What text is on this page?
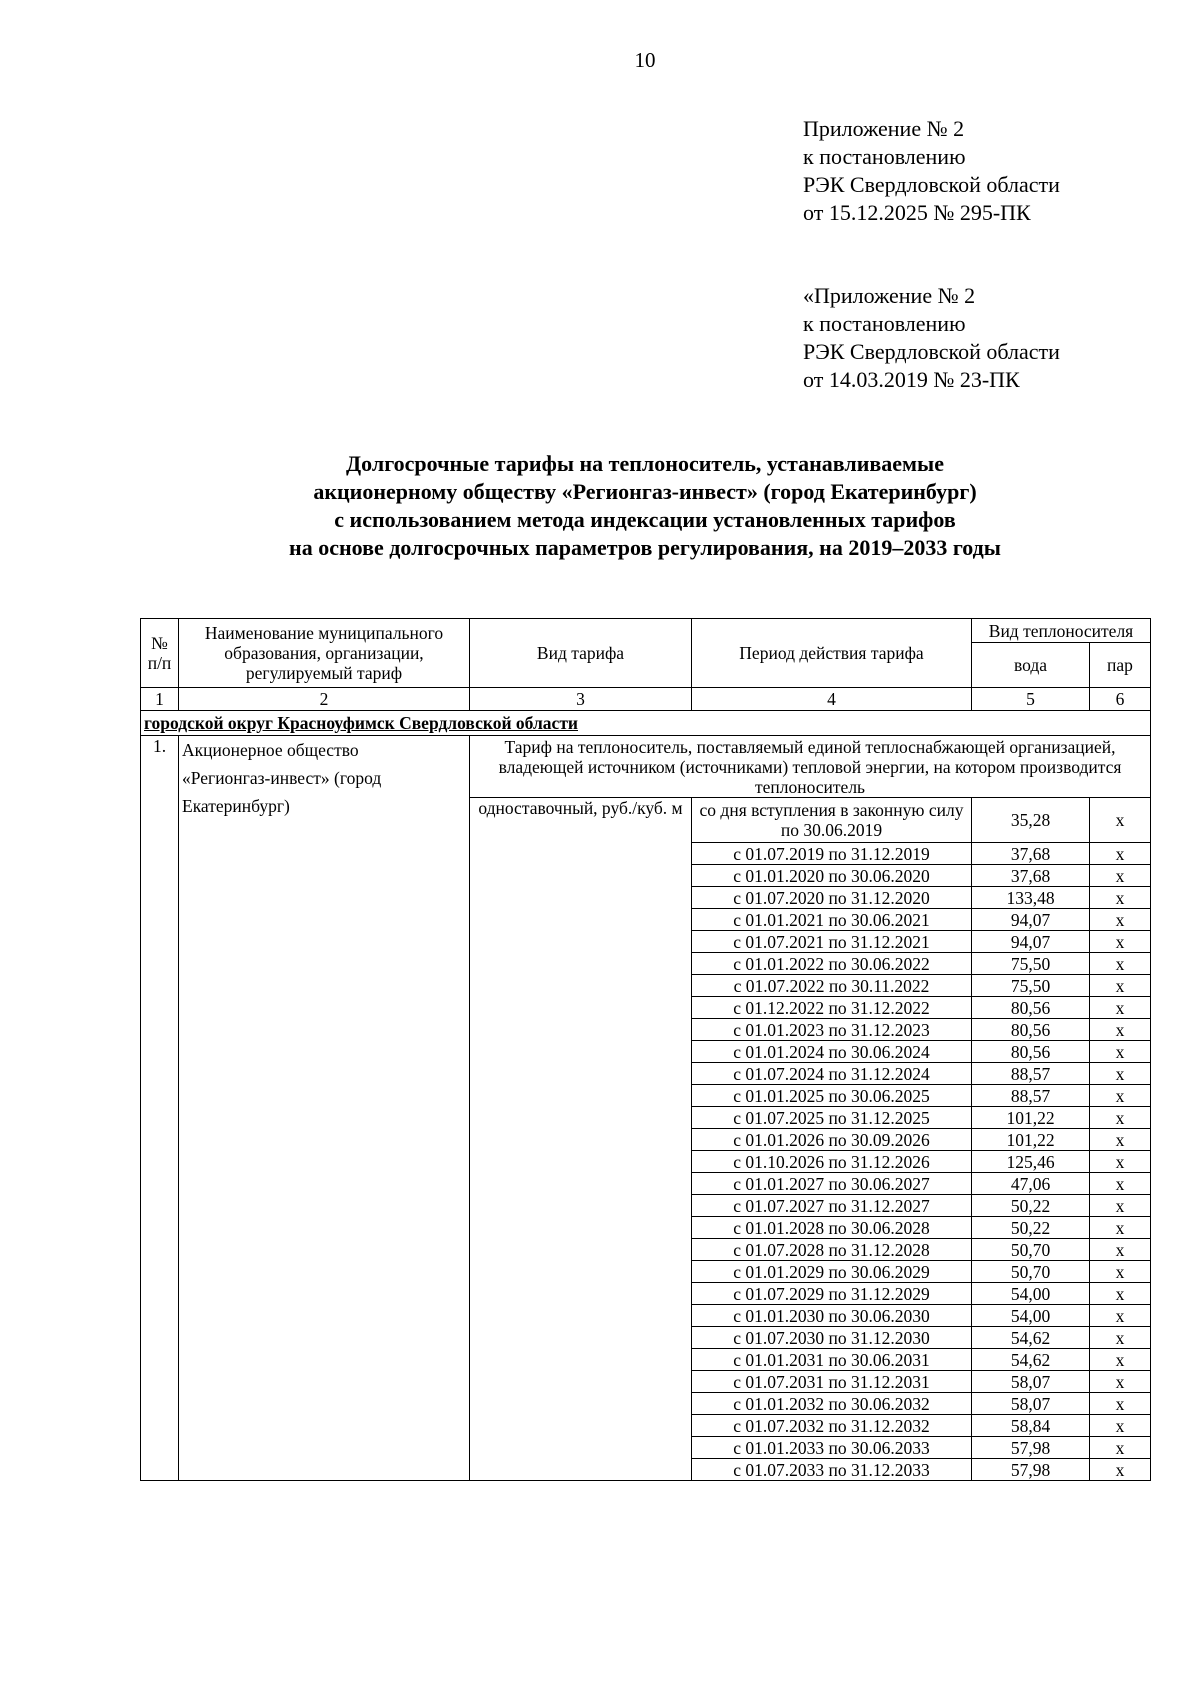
10
Приложение № 2
к постановлению
РЭК Свердловской области
от 15.12.2025 № 295-ПК
«Приложение № 2
к постановлению
РЭК Свердловской области
от 14.03.2019 № 23-ПК
Долгосрочные тарифы на теплоноситель, устанавливаемые
акционерному обществу «Регионгаз-инвест» (город Екатеринбург)
с использованием метода индексации установленных тарифов
на основе долгосрочных параметров регулирования, на 2019–2033 годы
№ п/п	Наименование муниципального образования, организации, регулируемый тариф	Вид тарифа	Период действия тарифа	Вид теплоносителя	
				вода	пар
1	2	3	4	5	6
городской округ Красноуфимск Свердловской области					
1.	Акционерное общество
«Регионгаз-инвест» (город
Екатеринбург)	Тариф на теплоноситель, поставляемый единой теплоснабжающей организацией, владеющей источником (источниками) тепловой энергии, на котором производится теплоноситель			
		одноставочный, руб./куб. м	со дня вступления в законную силу по 30.06.2019	35,28	x
			с 01.07.2019 по 31.12.2019	37,68	x
			с 01.01.2020 по 30.06.2020	37,68	x
			с 01.07.2020 по 31.12.2020	133,48	x
			с 01.01.2021 по 30.06.2021	94,07	x
			с 01.07.2021 по 31.12.2021	94,07	x
			с 01.01.2022 по 30.06.2022	75,50	x
			с 01.07.2022 по 30.11.2022	75,50	x
			с 01.12.2022 по 31.12.2022	80,56	x
			с 01.01.2023 по 31.12.2023	80,56	x
			с 01.01.2024 по 30.06.2024	80,56	x
			с 01.07.2024 по 31.12.2024	88,57	x
			с 01.01.2025 по 30.06.2025	88,57	x
			с 01.07.2025 по 31.12.2025	101,22	x
			с 01.01.2026 по 30.09.2026	101,22	x
			с 01.10.2026 по 31.12.2026	125,46	x
			с 01.01.2027 по 30.06.2027	47,06	x
			с 01.07.2027 по 31.12.2027	50,22	x
			с 01.01.2028 по 30.06.2028	50,22	x
			с 01.07.2028 по 31.12.2028	50,70	x
			с 01.01.2029 по 30.06.2029	50,70	x
			с 01.07.2029 по 31.12.2029	54,00	x
			с 01.01.2030 по 30.06.2030	54,00	x
			с 01.07.2030 по 31.12.2030	54,62	x
			с 01.01.2031 по 30.06.2031	54,62	x
			с 01.07.2031 по 31.12.2031	58,07	x
			с 01.01.2032 по 30.06.2032	58,07	x
			с 01.07.2032 по 31.12.2032	58,84	x
			с 01.01.2033 по 30.06.2033	57,98	x
			с 01.07.2033 по 31.12.2033	57,98	x
